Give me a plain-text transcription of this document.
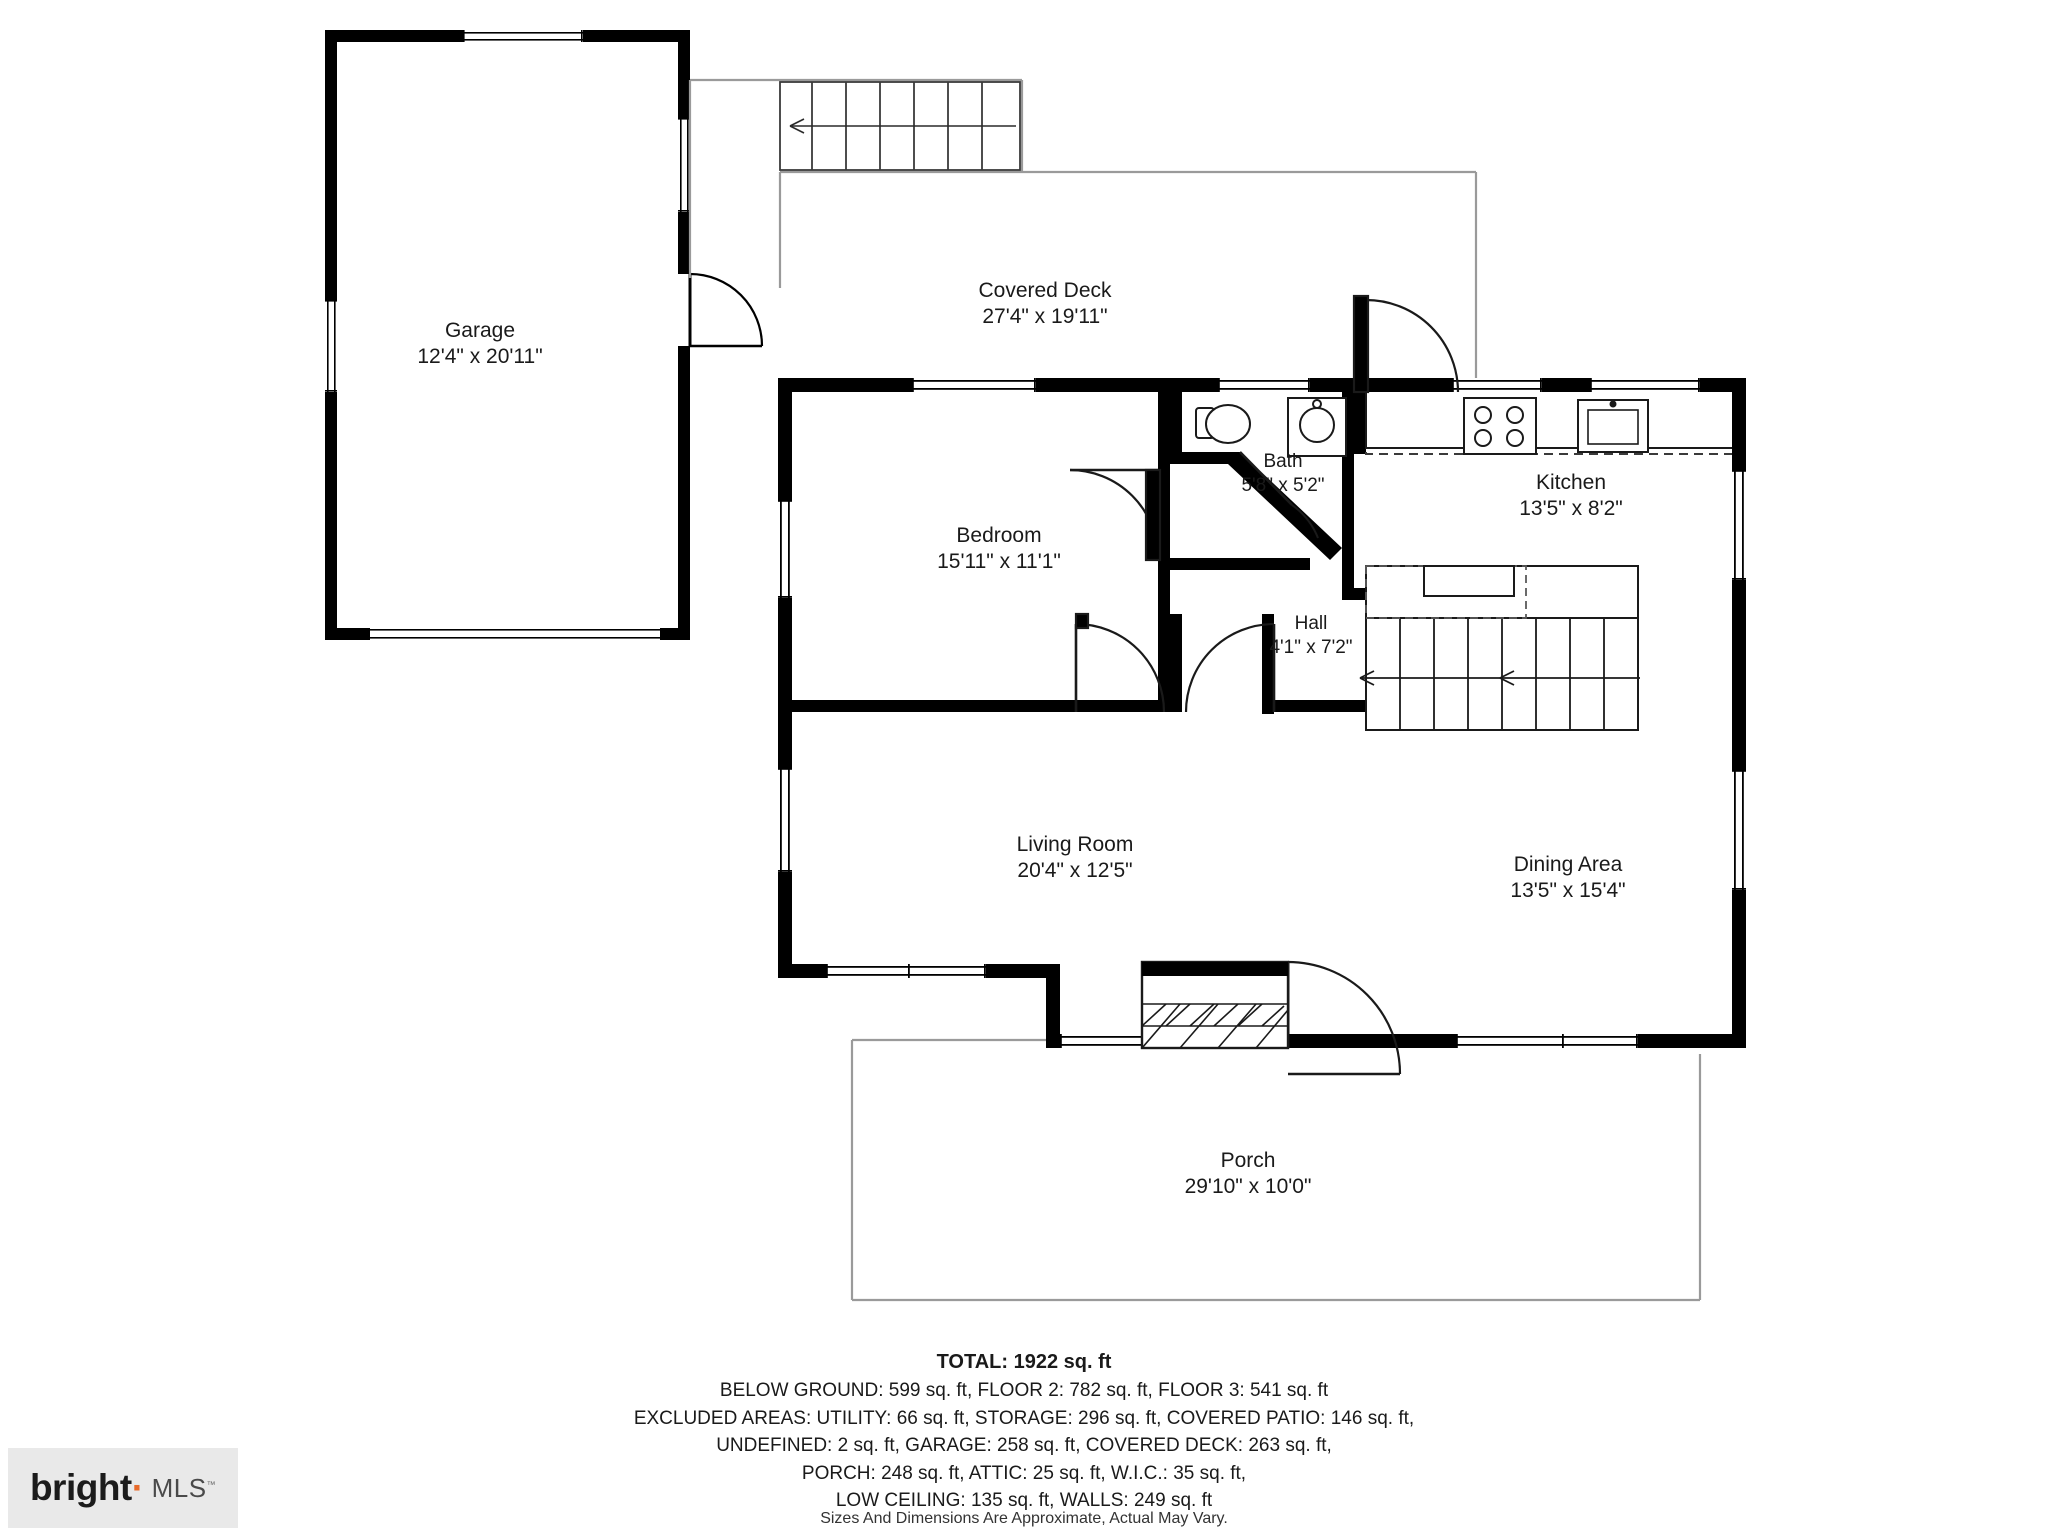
Garage
12'4" x 20'11"
Covered Deck
27'4" x 19'11"
Bedroom
15'11" x 11'1"
Bath
5'8" x 5'2"	Kitchen
13'5" x 8'2"
Hall
4'1" x 7'2"
Living Room
20'4" x 12'5"	Dining Area
13'5" x 15'4"
Porch
29'10" x 10'0"
TOTAL: 1922 sq. ft
BELOW GROUND: 599 sq. ft, FLOOR 2: 782 sq. ft, FLOOR 3: 541 sq. ft
EXCLUDED AREAS: UTILITY: 66 sq. ft, STORAGE: 296 sq. ft, COVERED PATIO: 146 sq. ft,
UNDEFINED: 2 sq. ft, GARAGE: 258 sq. ft, COVERED DECK: 263 sq. ft,
PORCH: 248 sq. ft, ATTIC: 25 sq. ft, W.I.C.: 35 sq. ft,
LOW CEILING: 135 sq. ft, WALLS: 249 sq. ft
Sizes And Dimensions Are Approximate, Actual May Vary.
bright· MLS™
